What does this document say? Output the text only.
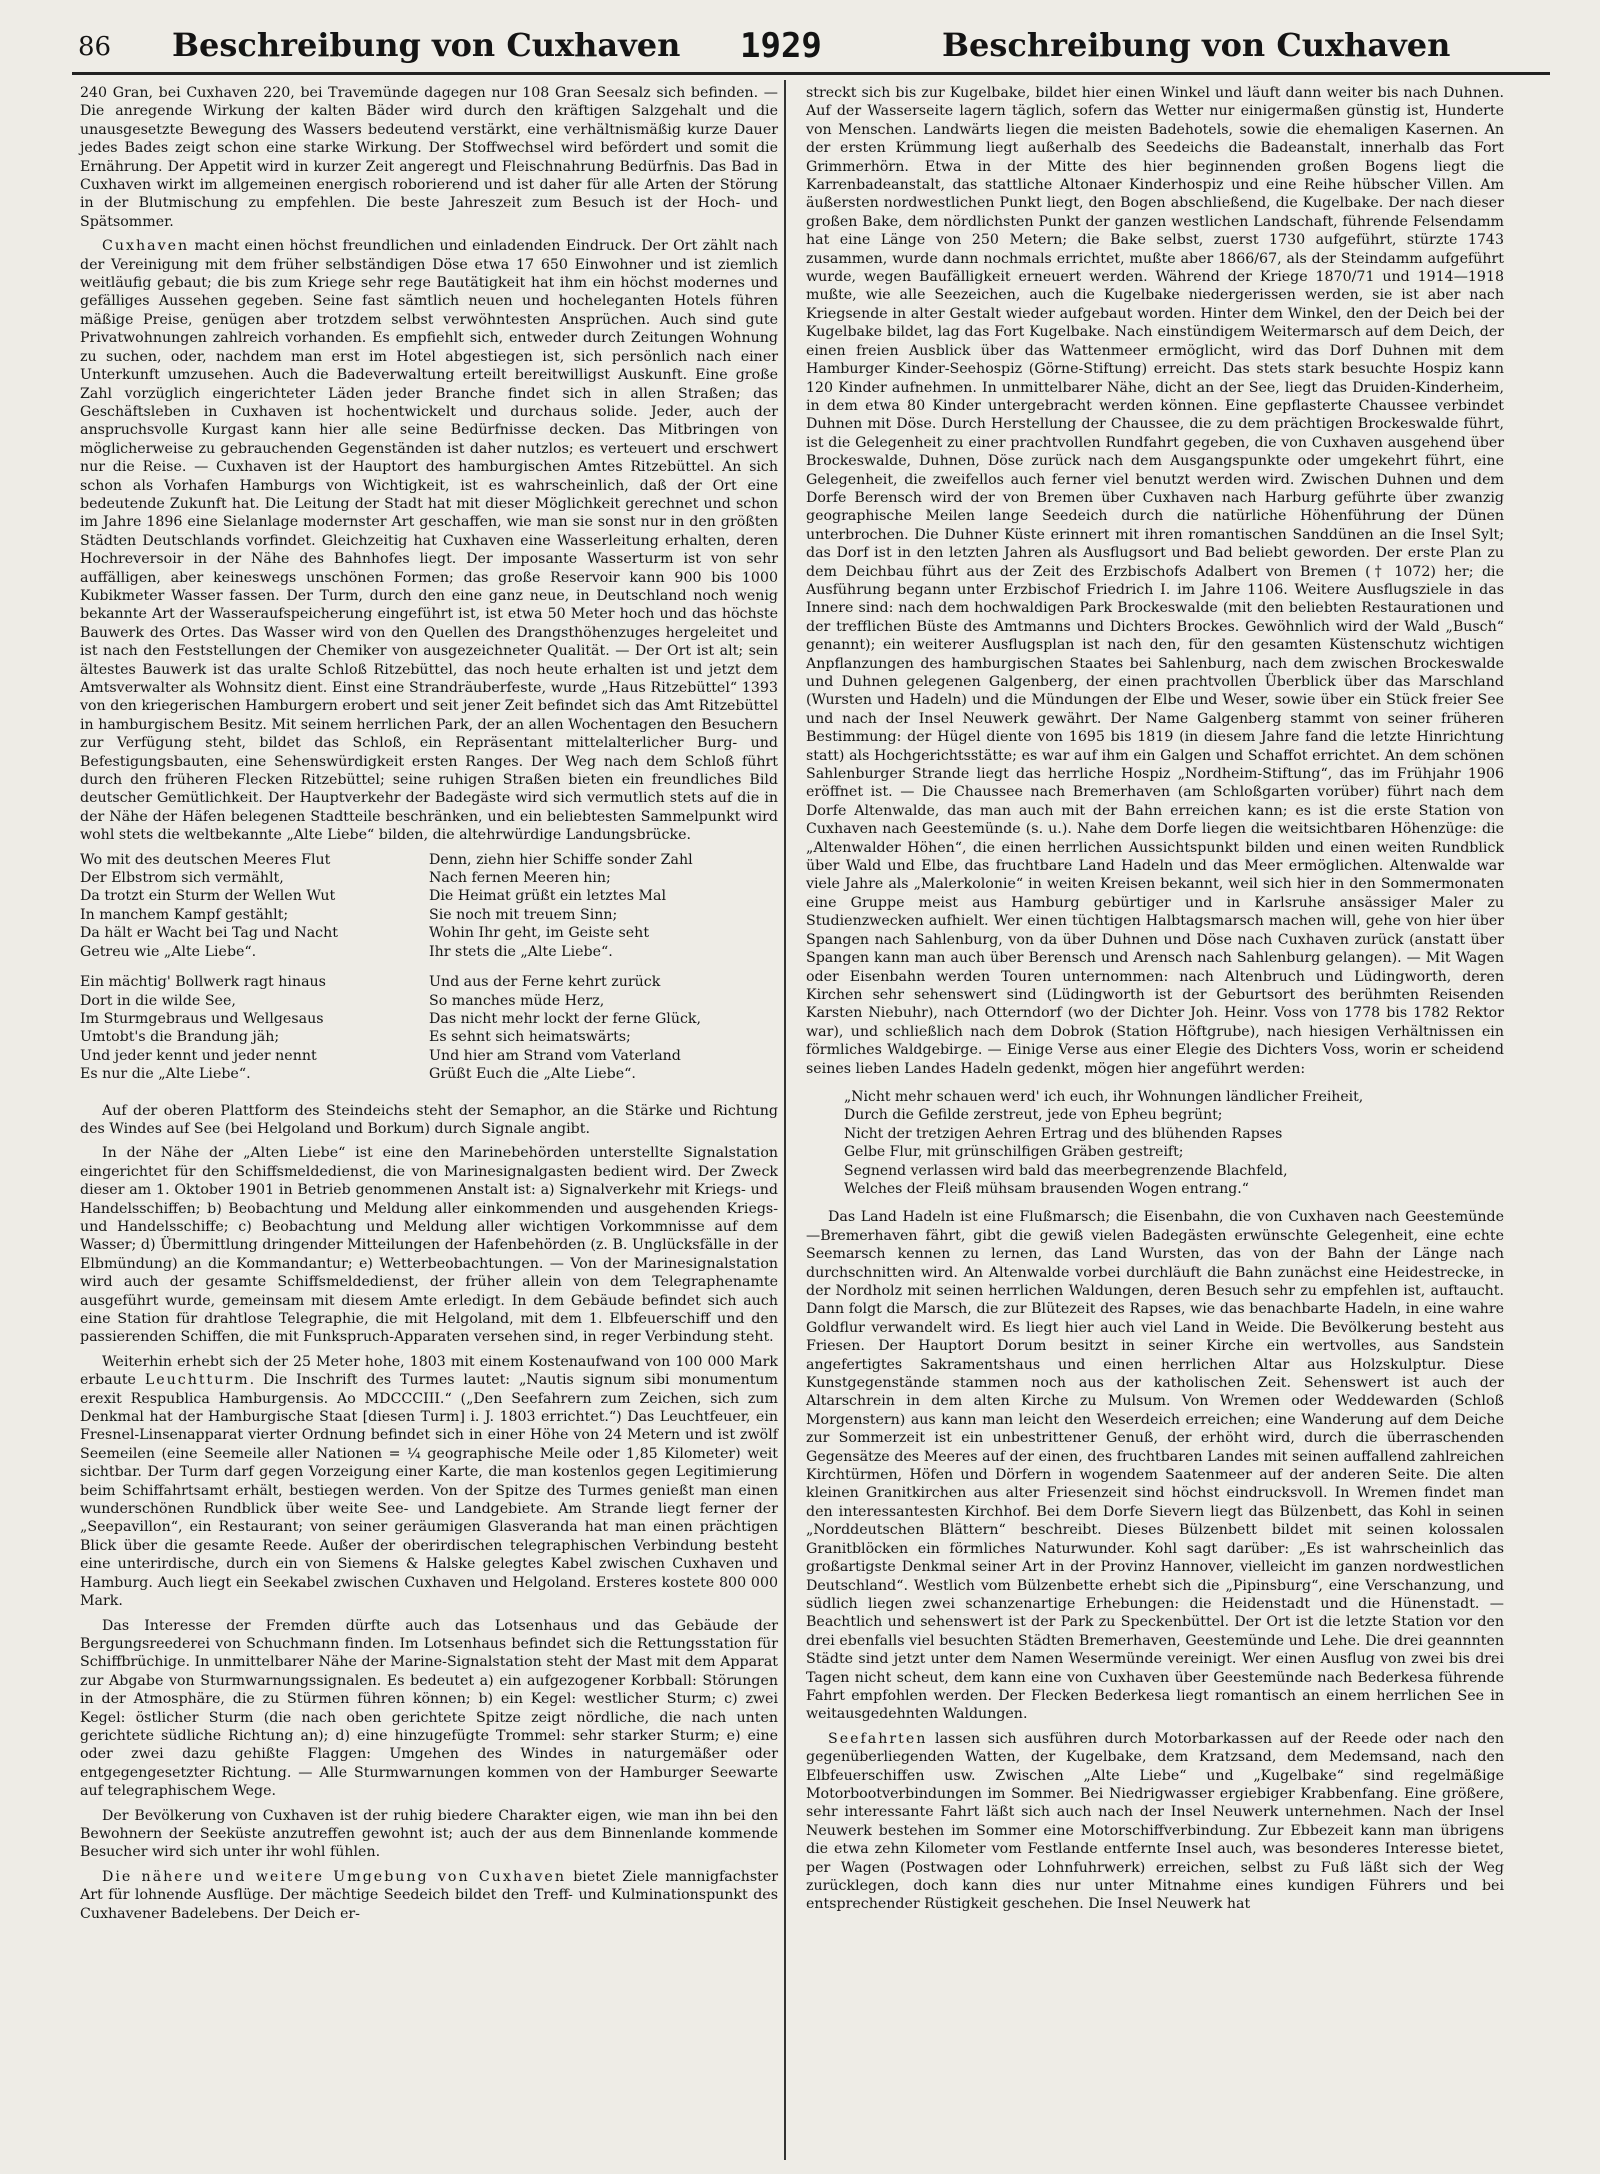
86 Beschreibung von Cuxhaven 1929	Beschreibung von Cuxhaven

240 Gran, bei Cuxhaven 220, bei Travemünde dagegen nur 108 Gran Seesalz sich befinden. — Die anregende Wirkung der kalten Bäder wird durch den kräftigen Salzgehalt und die unausgesetzte Bewegung des Wassers bedeutend verstärkt, eine verhältnismäßig kurze Dauer jedes Bades zeigt schon eine starke Wirkung. Der Stoffwechsel wird befördert und somit die Ernährung. Der Appetit wird in kurzer Zeit angeregt und Fleischnahrung Bedürfnis. Das Bad in Cuxhaven wirkt im allgemeinen energisch roborierend und ist daher für alle Arten der Störung in der Blutmischung zu empfehlen. Die beste Jahreszeit zum Besuch ist der Hoch- und Spätsommer.

Cuxhaven macht einen höchst freundlichen und einladenden Eindruck. Der Ort zählt nach der Vereinigung mit dem früher selbständigen Döse etwa 17 650 Einwohner und ist ziemlich weitläufig gebaut; die bis zum Kriege sehr rege Bautätigkeit hat ihm ein höchst modernes und gefälliges Aussehen gegeben. Seine fast sämtlich neuen und hocheleganten Hotels führen mäßige Preise, genügen aber trotzdem selbst verwöhntesten Ansprüchen. Auch sind gute Privatwohnungen zahlreich vorhanden. Es empfiehlt sich, entweder durch Zeitungen Wohnung zu suchen, oder, nachdem man erst im Hotel abgestiegen ist, sich persönlich nach einer Unterkunft umzusehen. Auch die Badeverwaltung erteilt bereitwilligst Auskunft. Eine große Zahl vorzüglich eingerichteter Läden jeder Branche findet sich in allen Straßen; das Geschäftsleben in Cuxhaven ist hochentwickelt und durchaus solide. Jeder, auch der anspruchsvolle Kurgast kann hier alle seine Bedürfnisse decken. Das Mitbringen von möglicherweise zu gebrauchenden Gegenständen ist daher nutzlos; es verteuert und erschwert nur die Reise. — Cuxhaven ist der Hauptort des hamburgischen Amtes Ritzebüttel. An sich schon als Vorhafen Hamburgs von Wichtigkeit, ist es wahrscheinlich, daß der Ort eine bedeutende Zukunft hat. Die Leitung der Stadt hat mit dieser Möglichkeit gerechnet und schon im Jahre 1896 eine Sielanlage modernster Art geschaffen, wie man sie sonst nur in den größten Städten Deutschlands vorfindet. Gleichzeitig hat Cuxhaven eine Wasserleitung erhalten, deren Hochreversoir in der Nähe des Bahnhofes liegt. Der imposante Wasserturm ist von sehr auffälligen, aber keineswegs unschönen Formen; das große Reservoir kann 900 bis 1000 Kubikmeter Wasser fassen. Der Turm, durch den eine ganz neue, in Deutschland noch wenig bekannte Art der Wasseraufspeicherung eingeführt ist, ist etwa 50 Meter hoch und das höchste Bauwerk des Ortes. Das Wasser wird von den Quellen des Drangsthöhenzuges hergeleitet und ist nach den Feststellungen der Chemiker von ausgezeichneter Qualität. — Der Ort ist alt; sein ältestes Bauwerk ist das uralte Schloß Ritzebüttel, das noch heute erhalten ist und jetzt dem Amtsverwalter als Wohnsitz dient. Einst eine Strandräuberfeste, wurde „Haus Ritzebüttel“ 1393 von den kriegerischen Hamburgern erobert und seit jener Zeit befindet sich das Amt Ritzebüttel in hamburgischem Besitz. Mit seinem herrlichen Park, der an allen Wochentagen den Besuchern zur Verfügung steht, bildet das Schloß, ein Repräsentant mittelalterlicher Burg- und Befestigungsbauten, eine Sehenswürdigkeit ersten Ranges. Der Weg nach dem Schloß führt durch den früheren Flecken Ritzebüttel; seine ruhigen Straßen bieten ein freundliches Bild deutscher Gemütlichkeit. Der Hauptverkehr der Badegäste wird sich vermutlich stets auf die in der Nähe der Häfen belegenen Stadtteile beschränken, und ein beliebtesten Sammelpunkt wird wohl stets die weltbekannte „Alte Liebe“ bilden, die altehrwürdige Landungsbrücke.

Wo mit des deutschen Meeres Flut
Der Elbstrom sich vermählt,
Da trotzt ein Sturm der Wellen Wut
In manchem Kampf gestählt;
Da hält er Wacht bei Tag und Nacht
Getreu wie „Alte Liebe“.
Ein mächtig' Bollwerk ragt hinaus
Dort in die wilde See,
Im Sturmgebraus und Wellgesaus
Umtobt's die Brandung jäh;
Und jeder kennt und jeder nennt
Es nur die „Alte Liebe“.
Denn, ziehn hier Schiffe sonder Zahl
Nach fernen Meeren hin;
Die Heimat grüßt ein letztes Mal
Sie noch mit treuem Sinn;
Wohin Ihr geht, im Geiste seht
Ihr stets die „Alte Liebe“.
Und aus der Ferne kehrt zurück
So manches müde Herz,
Das nicht mehr lockt der ferne Glück,
Es sehnt sich heimatswärts;
Und hier am Strand vom Vaterland
Grüßt Euch die „Alte Liebe“.

Auf der oberen Plattform des Steindeichs steht der Semaphor, an die Stärke und Richtung des Windes auf See (bei Helgoland und Borkum) durch Signale angibt.

In der Nähe der „Alten Liebe“ ist eine den Marinebehörden unterstellte Signalstation eingerichtet für den Schiffsmeldedienst, die von Marinesignalgasten bedient wird. Der Zweck dieser am 1. Oktober 1901 in Betrieb genommenen Anstalt ist: a) Signalverkehr mit Kriegs- und Handelsschiffen; b) Beobachtung und Meldung aller einkommenden und ausgehenden Kriegs- und Handelsschiffe; c) Beobachtung und Meldung aller wichtigen Vorkommnisse auf dem Wasser; d) Übermittlung dringender Mitteilungen der Hafenbehörden (z. B. Unglücksfälle in der Elbmündung) an die Kommandantur; e) Wetterbeobachtungen. — Von der Marinesignalstation wird auch der gesamte Schiffsmeldedienst, der früher allein von dem Telegraphenamte ausgeführt wurde, gemeinsam mit diesem Amte erledigt. In dem Gebäude befindet sich auch eine Station für drahtlose Telegraphie, die mit Helgoland, mit dem 1. Elbfeuerschiff und den passierenden Schiffen, die mit Funkspruch-Apparaten versehen sind, in reger Verbindung steht.

Weiterhin erhebt sich der 25 Meter hohe, 1803 mit einem Kostenaufwand von 100 000 Mark erbaute Leuchtturm. Die Inschrift des Turmes lautet: „Nautis signum sibi monumentum erexit Respublica Hamburgensis. Ao MDCCCIII.“ („Den Seefahrern zum Zeichen, sich zum Denkmal hat der Hamburgische Staat [diesen Turm] i. J. 1803 errichtet.“) Das Leuchtfeuer, ein Fresnel-Linsenapparat vierter Ordnung befindet sich in einer Höhe von 24 Metern und ist zwölf Seemeilen (eine Seemeile aller Nationen = ¼ geographische Meile oder 1,85 Kilometer) weit sichtbar. Der Turm darf gegen Vorzeigung einer Karte, die man kostenlos gegen Legitimierung beim Schiffahrtsamt erhält, bestiegen werden. Von der Spitze des Turmes genießt man einen wunderschönen Rundblick über weite See- und Landgebiete. Am Strande liegt ferner der „Seepavillon“, ein Restaurant; von seiner geräumigen Glasveranda hat man einen prächtigen Blick über die gesamte Reede. Außer der oberirdischen telegraphischen Verbindung besteht eine unterirdische, durch ein von Siemens & Halske gelegtes Kabel zwischen Cuxhaven und Hamburg. Auch liegt ein Seekabel zwischen Cuxhaven und Helgoland. Ersteres kostete 800 000 Mark.

Das Interesse der Fremden dürfte auch das Lotsenhaus und das Gebäude der Bergungsreederei von Schuchmann finden. Im Lotsenhaus befindet sich die Rettungsstation für Schiffbrüchige. In unmittelbarer Nähe der Marine-Signalstation steht der Mast mit dem Apparat zur Abgabe von Sturmwarnungssignalen. Es bedeutet a) ein aufgezogener Korbball: Störungen in der Atmosphäre, die zu Stürmen führen können; b) ein Kegel: westlicher Sturm; c) zwei Kegel: östlicher Sturm (die nach oben gerichtete Spitze zeigt nördliche, die nach unten gerichtete südliche Richtung an); d) eine hinzugefügte Trommel: sehr starker Sturm; e) eine oder zwei dazu gehißte Flaggen: Umgehen des Windes in naturgemäßer oder entgegengesetzter Richtung. — Alle Sturmwarnungen kommen von der Hamburger Seewarte auf telegraphischem Wege.

Der Bevölkerung von Cuxhaven ist der ruhig biedere Charakter eigen, wie man ihn bei den Bewohnern der Seeküste anzutreffen gewohnt ist; auch der aus dem Binnenlande kommende Besucher wird sich unter ihr wohl fühlen.

Die nähere und weitere Umgebung von Cuxhaven bietet Ziele mannigfachster Art für lohnende Ausflüge. Der mächtige Seedeich bildet den Treff- und Kulminationspunkt des Cuxhavener Badelebens. Der Deich er-

streckt sich bis zur Kugelbake, bildet hier einen Winkel und läuft dann weiter bis nach Duhnen. Auf der Wasserseite lagern täglich, sofern das Wetter nur einigermaßen günstig ist, Hunderte von Menschen. Landwärts liegen die meisten Badehotels, sowie die ehemaligen Kasernen. An der ersten Krümmung liegt außerhalb des Seedeichs die Badeanstalt, innerhalb das Fort Grimmerhörn. Etwa in der Mitte des hier beginnenden großen Bogens liegt die Karrenbadeanstalt, das stattliche Altonaer Kinderhospiz und eine Reihe hübscher Villen. Am äußersten nordwestlichen Punkt liegt, den Bogen abschließend, die Kugelbake. Der nach dieser großen Bake, dem nördlichsten Punkt der ganzen westlichen Landschaft, führende Felsendamm hat eine Länge von 250 Metern; die Bake selbst, zuerst 1730 aufgeführt, stürzte 1743 zusammen, wurde dann nochmals errichtet, mußte aber 1866/67, als der Steindamm aufgeführt wurde, wegen Baufälligkeit erneuert werden. Während der Kriege 1870/71 und 1914—1918 mußte, wie alle Seezeichen, auch die Kugelbake niedergerissen werden, sie ist aber nach Kriegsende in alter Gestalt wieder aufgebaut worden. Hinter dem Winkel, den der Deich bei der Kugelbake bildet, lag das Fort Kugelbake. Nach einstündigem Weitermarsch auf dem Deich, der einen freien Ausblick über das Wattenmeer ermöglicht, wird das Dorf Duhnen mit dem Hamburger Kinder-Seehospiz (Görne-Stiftung) erreicht. Das stets stark besuchte Hospiz kann 120 Kinder aufnehmen. In unmittelbarer Nähe, dicht an der See, liegt das Druiden-Kinderheim, in dem etwa 80 Kinder untergebracht werden können. Eine gepflasterte Chaussee verbindet Duhnen mit Döse. Durch Herstellung der Chaussee, die zu dem prächtigen Brockeswalde führt, ist die Gelegenheit zu einer prachtvollen Rundfahrt gegeben, die von Cuxhaven ausgehend über Brockeswalde, Duhnen, Döse zurück nach dem Ausgangspunkte oder umgekehrt führt, eine Gelegenheit, die zweifellos auch ferner viel benutzt werden wird. Zwischen Duhnen und dem Dorfe Berensch wird der von Bremen über Cuxhaven nach Harburg geführte über zwanzig geographische Meilen lange Seedeich durch die natürliche Höhenführung der Dünen unterbrochen. Die Duhner Küste erinnert mit ihren romantischen Sanddünen an die Insel Sylt; das Dorf ist in den letzten Jahren als Ausflugsort und Bad beliebt geworden. Der erste Plan zu dem Deichbau führt aus der Zeit des Erzbischofs Adalbert von Bremen († 1072) her; die Ausführung begann unter Erzbischof Friedrich I. im Jahre 1106. Weitere Ausflugsziele in das Innere sind: nach dem hochwaldigen Park Brockeswalde (mit den beliebten Restaurationen und der trefflichen Büste des Amtmanns und Dichters Brockes. Gewöhnlich wird der Wald „Busch“ genannt); ein weiterer Ausflugsplan ist nach den, für den gesamten Küstenschutz wichtigen Anpflanzungen des hamburgischen Staates bei Sahlenburg, nach dem zwischen Brockeswalde und Duhnen gelegenen Galgenberg, der einen prachtvollen Überblick über das Marschland (Wursten und Hadeln) und die Mündungen der Elbe und Weser, sowie über ein Stück freier See und nach der Insel Neuwerk gewährt. Der Name Galgenberg stammt von seiner früheren Bestimmung: der Hügel diente von 1695 bis 1819 (in diesem Jahre fand die letzte Hinrichtung statt) als Hochgerichtsstätte; es war auf ihm ein Galgen und Schaffot errichtet. An dem schönen Sahlenburger Strande liegt das herrliche Hospiz „Nordheim-Stiftung“, das im Frühjahr 1906 eröffnet ist. — Die Chaussee nach Bremerhaven (am Schloßgarten vorüber) führt nach dem Dorfe Altenwalde, das man auch mit der Bahn erreichen kann; es ist die erste Station von Cuxhaven nach Geestemünde (s. u.). Nahe dem Dorfe liegen die weitsichtbaren Höhenzüge: die „Altenwalder Höhen“, die einen herrlichen Aussichtspunkt bilden und einen weiten Rundblick über Wald und Elbe, das fruchtbare Land Hadeln und das Meer ermöglichen. Altenwalde war viele Jahre als „Malerkolonie“ in weiten Kreisen bekannt, weil sich hier in den Sommermonaten eine Gruppe meist aus Hamburg gebürtiger und in Karlsruhe ansässiger Maler zu Studienzwecken aufhielt. Wer einen tüchtigen Halbtagsmarsch machen will, gehe von hier über Spangen nach Sahlenburg, von da über Duhnen und Döse nach Cuxhaven zurück (anstatt über Spangen kann man auch über Berensch und Arensch nach Sahlenburg gelangen). — Mit Wagen oder Eisenbahn werden Touren unternommen: nach Altenbruch und Lüdingworth, deren Kirchen sehr sehenswert sind (Lüdingworth ist der Geburtsort des berühmten Reisenden Karsten Niebuhr), nach Otterndorf (wo der Dichter Joh. Heinr. Voss von 1778 bis 1782 Rektor war), und schließlich nach dem Dobrok (Station Höftgrube), nach hiesigen Verhältnissen ein förmliches Waldgebirge. — Einige Verse aus einer Elegie des Dichters Voss, worin er scheidend seines lieben Landes Hadeln gedenkt, mögen hier angeführt werden:

„Nicht mehr schauen werd' ich euch, ihr Wohnungen ländlicher Freiheit,
Durch die Gefilde zerstreut, jede von Epheu begrünt;
Nicht der tretzigen Aehren Ertrag und des blühenden Rapses
Gelbe Flur, mit grünschilfigen Gräben gestreift;
Segnend verlassen wird bald das meerbegrenzende Blachfeld,
Welches der Fleiß mühsam brausenden Wogen entrang.“

Das Land Hadeln ist eine Flußmarsch; die Eisenbahn, die von Cuxhaven nach Geestemünde—Bremerhaven fährt, gibt die gewiß vielen Badegästen erwünschte Gelegenheit, eine echte Seemarsch kennen zu lernen, das Land Wursten, das von der Bahn der Länge nach durchschnitten wird. An Altenwalde vorbei durchläuft die Bahn zunächst eine Heidestrecke, in der Nordholz mit seinen herrlichen Waldungen, deren Besuch sehr zu empfehlen ist, auftaucht. Dann folgt die Marsch, die zur Blütezeit des Rapses, wie das benachbarte Hadeln, in eine wahre Goldflur verwandelt wird. Es liegt hier auch viel Land in Weide. Die Bevölkerung besteht aus Friesen. Der Hauptort Dorum besitzt in seiner Kirche ein wertvolles, aus Sandstein angefertigtes Sakramentshaus und einen herrlichen Altar aus Holzskulptur. Diese Kunstgegenstände stammen noch aus der katholischen Zeit. Sehenswert ist auch der Altarschrein in dem alten Kirche zu Mulsum. Von Wremen oder Weddewarden (Schloß Morgenstern) aus kann man leicht den Weserdeich erreichen; eine Wanderung auf dem Deiche zur Sommerzeit ist ein unbestrittener Genuß, der erhöht wird, durch die überraschenden Gegensätze des Meeres auf der einen, des fruchtbaren Landes mit seinen auffallend zahlreichen Kirchtürmen, Höfen und Dörfern in wogendem Saatenmeer auf der anderen Seite. Die alten kleinen Granitkirchen aus alter Friesenzeit sind höchst eindrucksvoll. In Wremen findet man den interessantesten Kirchhof. Bei dem Dorfe Sievern liegt das Bülzenbett, das Kohl in seinen „Norddeutschen Blättern“ beschreibt. Dieses Bülzenbett bildet mit seinen kolossalen Granitblöcken ein förmliches Naturwunder. Kohl sagt darüber: „Es ist wahrscheinlich das großartigste Denkmal seiner Art in der Provinz Hannover, vielleicht im ganzen nordwestlichen Deutschland“. Westlich vom Bülzenbette erhebt sich die „Pipinsburg“, eine Verschanzung, und südlich liegen zwei schanzenartige Erhebungen: die Heidenstadt und die Hünenstadt. — Beachtlich und sehenswert ist der Park zu Speckenbüttel. Der Ort ist die letzte Station vor den drei ebenfalls viel besuchten Städten Bremerhaven, Geestemünde und Lehe. Die drei geannnten Städte sind jetzt unter dem Namen Wesermünde vereinigt. Wer einen Ausflug von zwei bis drei Tagen nicht scheut, dem kann eine von Cuxhaven über Geestemünde nach Bederkesa führende Fahrt empfohlen werden. Der Flecken Bederkesa liegt romantisch an einem herrlichen See in weitausgedehnten Waldungen.

Seefahrten lassen sich ausführen durch Motorbarkassen auf der Reede oder nach den gegenüberliegenden Watten, der Kugelbake, dem Kratzsand, dem Medemsand, nach den Elbfeuerschiffen usw. Zwischen „Alte Liebe“ und „Kugelbake“ sind regelmäßige Motorbootverbindungen im Sommer. Bei Niedrigwasser ergiebiger Krabbenfang. Eine größere, sehr interessante Fahrt läßt sich auch nach der Insel Neuwerk unternehmen. Nach der Insel Neuwerk bestehen im Sommer eine Motorschiffverbindung. Zur Ebbezeit kann man übrigens die etwa zehn Kilometer vom Festlande entfernte Insel auch, was besonderes Interesse bietet, per Wagen (Postwagen oder Lohnfuhrwerk) erreichen, selbst zu Fuß läßt sich der Weg zurücklegen, doch kann dies nur unter Mitnahme eines kundigen Führers und bei entsprechender Rüstigkeit geschehen. Die Insel Neuwerk hat
